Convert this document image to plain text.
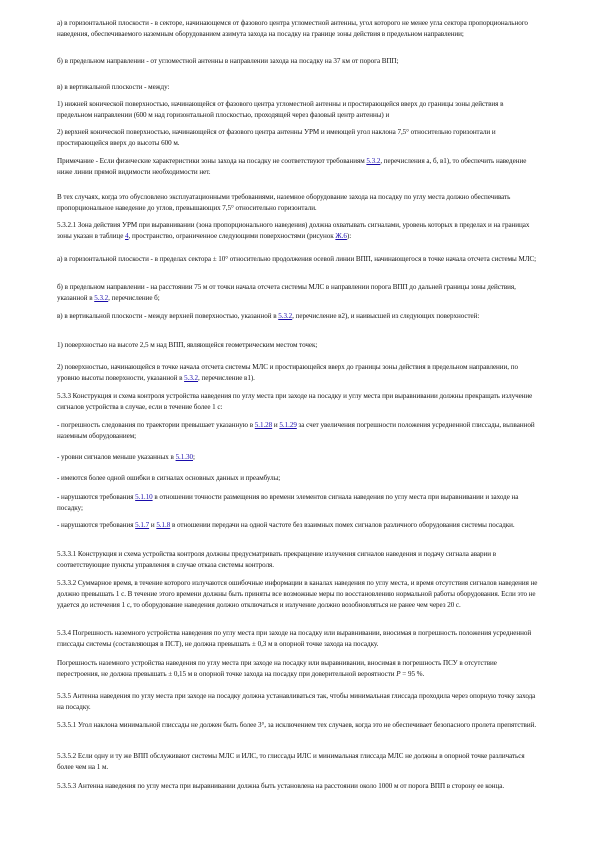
а) в горизонтальной плоскости - в секторе, начинающемся от фазового центра угломестной антенны, угол которого не менее угла сектора пропорционального наведения, обеспечиваемого наземным оборудованием азимута захода на посадку на границе зоны действия в предельном направлении;

б) в предельном направлении - от угломестной антенны в направлении захода на посадку на 37 км от порога ВПП;

в) в вертикальной плоскости - между:

1) нижней конической поверхностью, начинающейся от фазового центра угломестной антенны и простирающейся вверх до границы зоны действия в предельном направлении (600 м над горизонтальной плоскостью, проходящей через фазовый центр антенны) и

2) верхней конической поверхностью, начинающейся от фазового центра антенны УРМ и имеющей угол наклона 7,5° относительно горизонтали и простирающейся вверх до высоты 600 м.

Примечание - Если физические характеристики зоны захода на посадку не соответствуют требованиям 5.3.2, перечисления а, б, в1), то обеспечить наведение ниже линии прямой видимости необходимости нет.

В тех случаях, когда это обусловлено эксплуатационными требованиями, наземное оборудование захода на посадку по углу места должно обеспечивать пропорциональное наведение до углов, превышающих 7,5° относительно горизонтали.

5.3.2.1 Зона действия УРМ при выравнивании (зона пропорционального наведения) должна охватывать сигналами, уровень которых в пределах и на границах зоны указан в таблице 4, пространство, ограниченное следующими поверхностями (рисунок Ж.6):

а) в горизонтальной плоскости - в пределах сектора ± 10° относительно продолжения осевой линии ВПП, начинающегося в точке начала отсчета системы МЛС;

б) в предельном направлении - на расстоянии 75 м от точки начала отсчета системы МЛС в направлении порога ВПП до дальней границы зоны действия, указанной в 5.3.2, перечисление б;

в) в вертикальной плоскости - между верхней поверхностью, указанной в 5.3.2, перечисление в2), и наивысшей из следующих поверхностей:

1) поверхностью на высоте 2,5 м над ВПП, являющейся геометрическим местом точек;

2) поверхностью, начинающейся в точке начала отсчета системы МЛС и простирающейся вверх до границы зоны действия в предельном направлении, по уровню высоты поверхности, указанной в 5.3.2, перечисление в1).

5.3.3 Конструкция и схема контроля устройства наведения по углу места при заходе на посадку и углу места при выравнивании должны прекращать излучение сигналов устройства в случае, если в течение более 1 с:

- погрешность следования по траектории превышает указанную в 5.1.28 и 5.1.29 за счет увеличения погрешности положения усредненной глиссады, вызванной наземным оборудованием;

- уровни сигналов меньше указанных в 5.1.30;

- имеются более одной ошибки в сигналах основных данных и преамбулы;

- нарушаются требования 5.1.10 в отношении точности размещения во времени элементов сигнала наведения по углу места при выравнивании и заходе на посадку;

- нарушаются требования 5.1.7 и 5.1.8 в отношении передачи на одной частоте без взаимных помех сигналов различного оборудования системы посадки.

5.3.3.1 Конструкция и схема устройства контроля должны предусматривать прекращение излучения сигналов наведения и подачу сигнала аварии в соответствующие пункты управления в случае отказа системы контроля.

5.3.3.2 Суммарное время, в течение которого излучаются ошибочные информации в каналах наведения по углу места, и время отсутствия сигналов наведения не должно превышать 1 с. В течение этого времени должны быть приняты все возможные меры по восстановлению нормальной работы оборудования. Если это не удается до истечения 1 с, то оборудование наведения должно отключаться и излучение должно возобновляться не ранее чем через 20 с.

5.3.4 Погрешность наземного устройства наведения по углу места при заходе на посадку или выравнивании, вносимая в погрешность положения усредненной глиссады системы (составляющая в ПСТ), не должна превышать ± 0,3 м в опорной точке захода на посадку.

Погрешность наземного устройства наведения по углу места при заходе на посадку или выравнивании, вносимая в погрешность ПСУ в отсутствие перестроения, не должна превышать ± 0,15 м в опорной точке захода на посадку при доверительной вероятности P = 95 %.

5.3.5 Антенна наведения по углу места при заходе на посадку должна устанавливаться так, чтобы минимальная глиссада проходила через опорную точку захода на посадку.

5.3.5.1 Угол наклона минимальной глиссады не должен быть более 3°, за исключением тех случаев, когда это не обеспечивает безопасного пролета препятствий.

5.3.5.2 Если одну и ту же ВПП обслуживают системы МЛС и ИЛС, то глиссады ИЛС и минимальная глиссада МЛС не должны в опорной точке различаться более чем на 1 м.

5.3.5.3 Антенна наведения по углу места при выравнивании должна быть установлена на расстоянии около 1000 м от порога ВПП в сторону ее конца.
